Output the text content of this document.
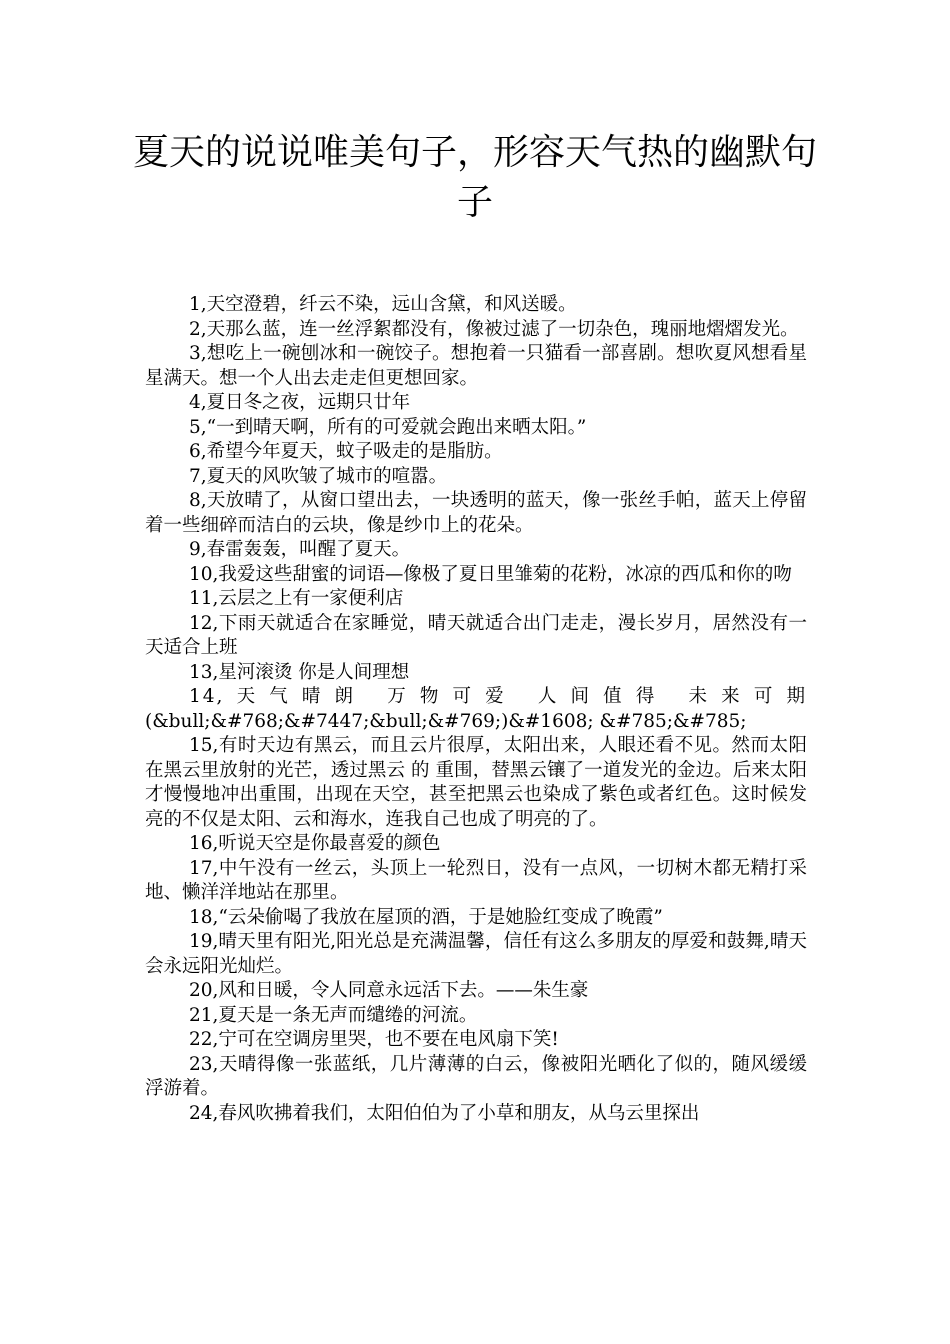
夏天的说说唯美句子，形容天气热的幽默句子

1,天空澄碧，纤云不染，远山含黛，和风送暖。

2,天那么蓝，连一丝浮絮都没有，像被过滤了一切杂色，瑰丽地熠熠发光。

3,想吃上一碗刨冰和一碗饺子。想抱着一只猫看一部喜剧。想吹夏风想看星星满天。想一个人出去走走但更想回家。

4,夏日冬之夜，远期只廿年

5,“一到晴天啊，所有的可爱就会跑出来晒太阳。”

6,希望今年夏天，蚊子吸走的是脂肪。

7,夏天的风吹皱了城市的喧嚣。

8,天放晴了，从窗口望出去，一块透明的蓝天，像一张丝手帕，蓝天上停留着一些细碎而洁白的云块，像是纱巾上的花朵。

9,春雷轰轰，叫醒了夏天。

10,我爱这些甜蜜的词语—像极了夏日里雏菊的花粉，冰凉的西瓜和你的吻

11,云层之上有一家便利店

12,下雨天就适合在家睡觉，晴天就适合出门走走，漫长岁月，居然没有一天适合上班

13,星河滚烫 你是人间理想

14,天气晴朗 万物可爱 人间值得 未来可期

(&bull;&#768;&#7447;&bull;&#769;)&#1608; &#785;&#785;

15,有时天边有黑云，而且云片很厚，太阳出来，人眼还看不见。然而太阳在黑云里放射的光芒，透过黑云 的 重围，替黑云镶了一道发光的金边。后来太阳才慢慢地冲出重围，出现在天空，甚至把黑云也染成了紫色或者红色。这时候发亮的不仅是太阳、云和海水，连我自己也成了明亮的了。

16,听说天空是你最喜爱的颜色

17,中午没有一丝云，头顶上一轮烈日，没有一点风，一切树木都无精打采地、懒洋洋地站在那里。

18,“云朵偷喝了我放在屋顶的酒，于是她脸红变成了晚霞”

19,晴天里有阳光,阳光总是充满温馨，信任有这么多朋友的厚爱和鼓舞,晴天会永远阳光灿烂。

20,风和日暖，令人同意永远活下去。——朱生豪

21,夏天是一条无声而缱绻的河流。

22,宁可在空调房里哭，也不要在电风扇下笑!

23,天晴得像一张蓝纸，几片薄薄的白云，像被阳光晒化了似的，随风缓缓浮游着。

24,春风吹拂着我们，太阳伯伯为了小草和朋友，从乌云里探出
